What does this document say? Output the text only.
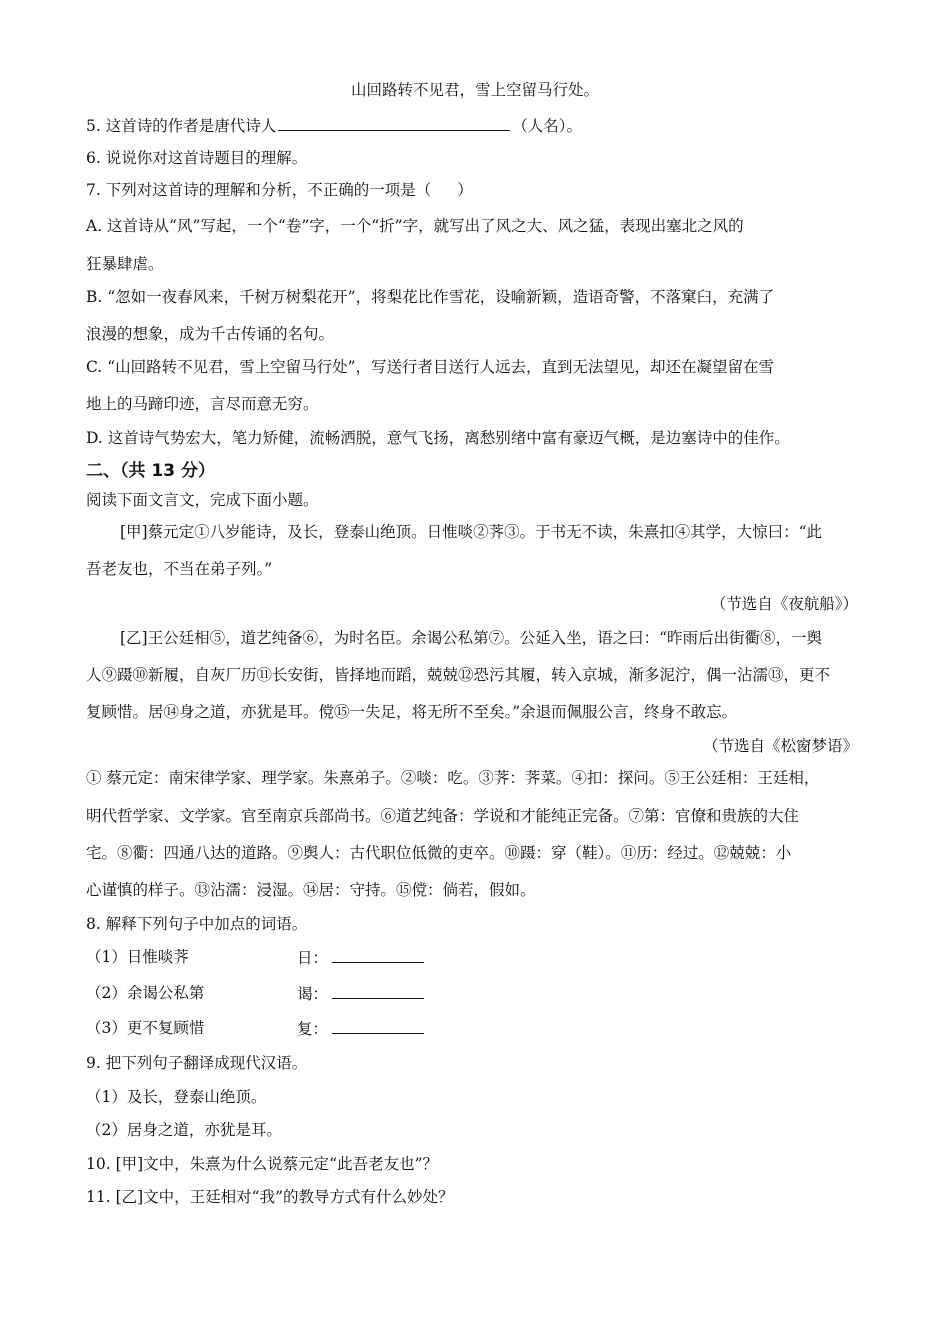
山回路转不见君，雪上空留马行处。
5. 这首诗的作者是唐代诗人	（人名）。
6. 说说你对这首诗题目的理解。
7. 下列对这首诗的理解和分析，不正确的一项是（ ）
A. 这首诗从“风”写起，一个“卷”字，一个“折”字，就写出了风之大、风之猛，表现出塞北之风的
狂暴肆虐。
B. “忽如一夜春风来，千树万树梨花开”，将梨花比作雪花，设喻新颖，造语奇警，不落窠臼，充满了
浪漫的想象，成为千古传诵的名句。
C. “山回路转不见君，雪上空留马行处”，写送行者目送行人远去，直到无法望见，却还在凝望留在雪
地上的马蹄印迹，言尽而意无穷。
D. 这首诗气势宏大，笔力矫健，流畅洒脱，意气飞扬，离愁别绪中富有豪迈气概，是边塞诗中的佳作。
二、（共 13 分）
阅读下面文言文，完成下面小题。
[甲]蔡元定①八岁能诗，及长，登泰山绝顶。日惟啖②荠③。于书无不读，朱熹扣④其学，大惊曰：“此
吾老友也，不当在弟子列。”
（节选自《夜航船》）
[乙]王公廷相⑤，道艺纯备⑥，为时名臣。余谒公私第⑦。公延入坐，语之曰：“昨雨后出街衢⑧，一舆
人⑨蹑⑩新履，自灰厂历⑪长安街，皆择地而蹈，兢兢⑫恐污其履，转入京城，渐多泥泞，偶一沾濡⑬，更不
复顾惜。居⑭身之道，亦犹是耳。傥⑮一失足，将无所不至矣。”余退而佩服公言，终身不敢忘。
（节选自《松窗梦语》
① 蔡元定：南宋律学家、理学家。朱熹弟子。②啖：吃。③荠：荠菜。④扣：探问。⑤王公廷相：王廷相，
明代哲学家、文学家。官至南京兵部尚书。⑥道艺纯备：学说和才能纯正完备。⑦第：官僚和贵族的大住
宅。⑧衢：四通八达的道路。⑨舆人：古代职位低微的吏卒。⑩蹑：穿（鞋）。⑪历：经过。⑫兢兢：小
心谨慎的样子。⑬沾濡：浸湿。⑭居：守持。⑮傥：倘若，假如。
8. 解释下列句子中加点的词语。
（1）日惟啖荠	日：
（2）余谒公私第	谒：
（3）更不复顾惜	复：
9. 把下列句子翻译成现代汉语。
（1）及长，登泰山绝顶。
（2）居身之道，亦犹是耳。
10. [甲]文中，朱熹为什么说蔡元定“此吾老友也”？
11. [乙]文中，王廷相对“我”的教导方式有什么妙处？
